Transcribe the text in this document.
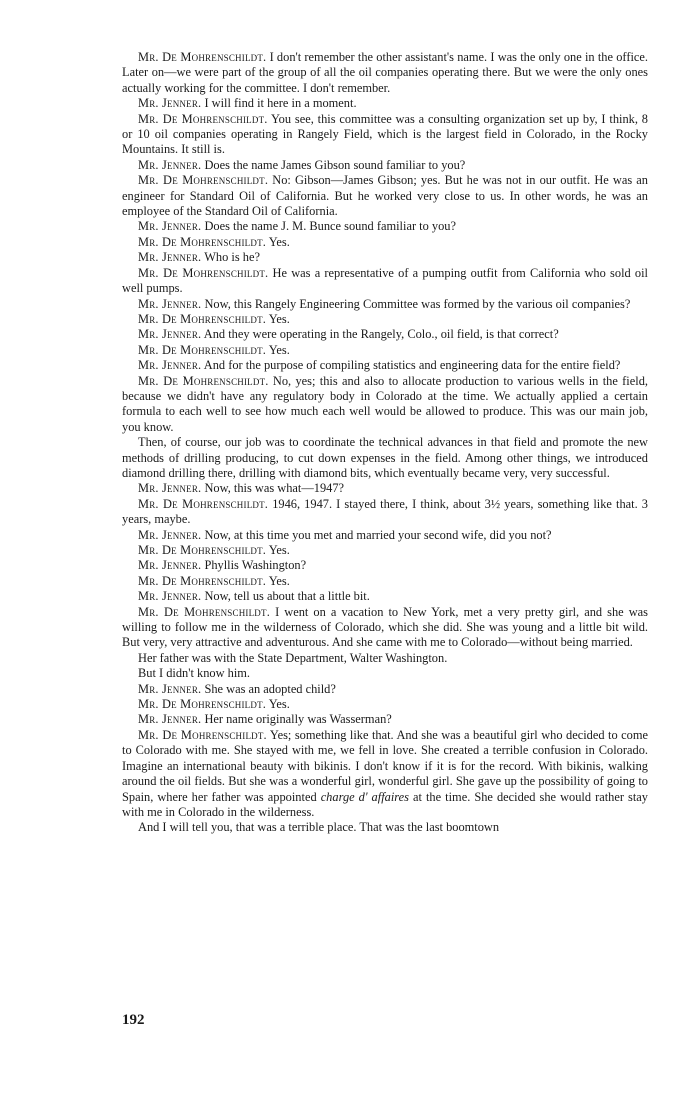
Mr. De Mohrenschildt. I don't remember the other assistant's name. I was the only one in the office. Later on—we were part of the group of all the oil companies operating there. But we were the only ones actually working for the committee. I don't remember.

Mr. Jenner. I will find it here in a moment.

Mr. De Mohrenschildt. You see, this committee was a consulting organization set up by, I think, 8 or 10 oil companies operating in Rangely Field, which is the largest field in Colorado, in the Rocky Mountains. It still is.

Mr. Jenner. Does the name James Gibson sound familiar to you?

Mr. De Mohrenschildt. No: Gibson—James Gibson; yes. But he was not in our outfit. He was an engineer for Standard Oil of California. But he worked very close to us. In other words, he was an employee of the Standard Oil of California.

Mr. Jenner. Does the name J. M. Bunce sound familiar to you?

Mr. De Mohrenschildt. Yes.

Mr. Jenner. Who is he?

Mr. De Mohrenschildt. He was a representative of a pumping outfit from California who sold oil well pumps.

Mr. Jenner. Now, this Rangely Engineering Committee was formed by the various oil companies?

Mr. De Mohrenschildt. Yes.

Mr. Jenner. And they were operating in the Rangely, Colo., oil field, is that correct?

Mr. De Mohrenschildt. Yes.

Mr. Jenner. And for the purpose of compiling statistics and engineering data for the entire field?

Mr. De Mohrenschildt. No, yes; this and also to allocate production to various wells in the field, because we didn't have any regulatory body in Colorado at the time. We actually applied a certain formula to each well to see how much each well would be allowed to produce. This was our main job, you know.

Then, of course, our job was to coordinate the technical advances in that field and promote the new methods of drilling producing, to cut down expenses in the field. Among other things, we introduced diamond drilling there, drilling with diamond bits, which eventually became very, very successful.

Mr. Jenner. Now, this was what—1947?

Mr. De Mohrenschildt. 1946, 1947. I stayed there, I think, about 3½ years, something like that. 3 years, maybe.

Mr. Jenner. Now, at this time you met and married your second wife, did you not?

Mr. De Mohrenschildt. Yes.

Mr. Jenner. Phyllis Washington?

Mr. De Mohrenschildt. Yes.

Mr. Jenner. Now, tell us about that a little bit.

Mr. De Mohrenschildt. I went on a vacation to New York, met a very pretty girl, and she was willing to follow me in the wilderness of Colorado, which she did. She was young and a little bit wild. But very, very attractive and adventurous. And she came with me to Colorado—without being married.

Her father was with the State Department, Walter Washington.

But I didn't know him.

Mr. Jenner. She was an adopted child?

Mr. De Mohrenschildt. Yes.

Mr. Jenner. Her name originally was Wasserman?

Mr. De Mohrenschildt. Yes; something like that. And she was a beautiful girl who decided to come to Colorado with me. She stayed with me, we fell in love. She created a terrible confusion in Colorado. Imagine an international beauty with bikinis. I don't know if it is for the record. With bikinis, walking around the oil fields. But she was a wonderful girl, wonderful girl. She gave up the possibility of going to Spain, where her father was appointed charge d' affaires at the time. She decided she would rather stay with me in Colorado in the wilderness.

And I will tell you, that was a terrible place. That was the last boomtown

192
